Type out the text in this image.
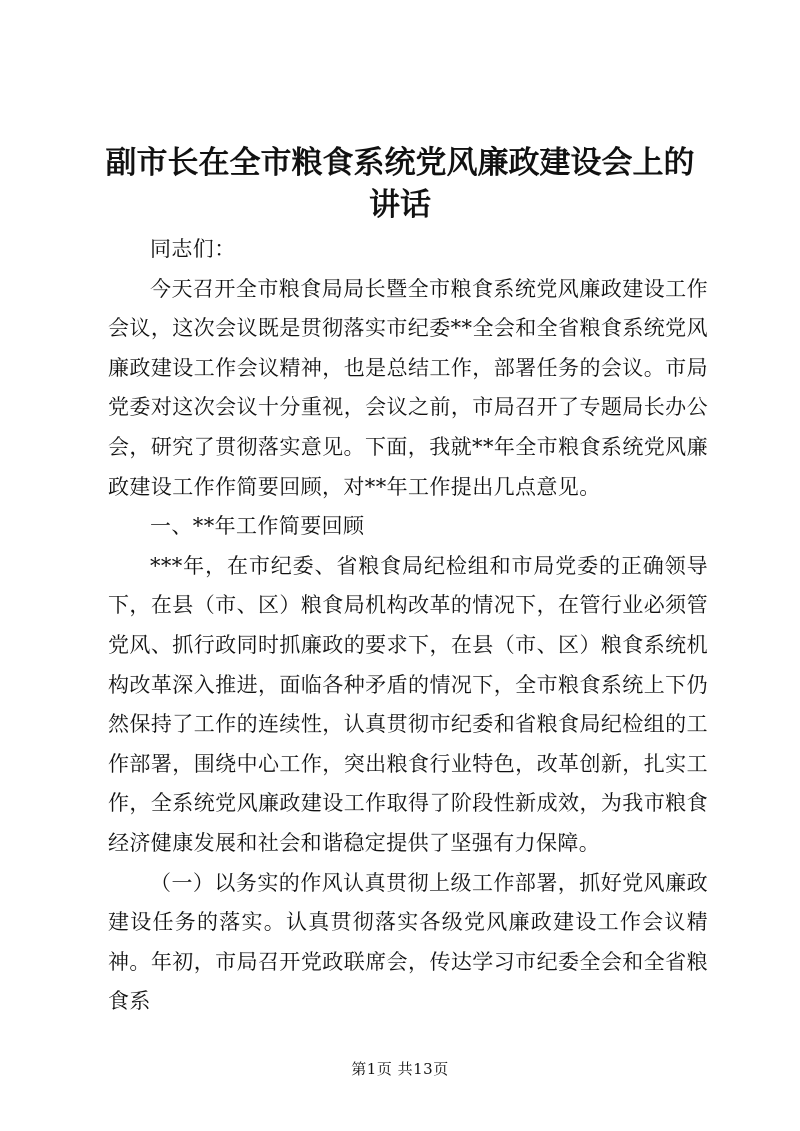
副市长在全市粮食系统党风廉政建设会上的讲话

同志们：

今天召开全市粮食局局长暨全市粮食系统党风廉政建设工作会议，这次会议既是贯彻落实市纪委**全会和全省粮食系统党风廉政建设工作会议精神，也是总结工作，部署任务的会议。市局党委对这次会议十分重视，会议之前，市局召开了专题局长办公会，研究了贯彻落实意见。下面，我就**年全市粮食系统党风廉政建设工作作简要回顾，对**年工作提出几点意见。

一、**年工作简要回顾

***年，在市纪委、省粮食局纪检组和市局党委的正确领导下，在县（市、区）粮食局机构改革的情况下，在管行业必须管党风、抓行政同时抓廉政的要求下，在县（市、区）粮食系统机构改革深入推进，面临各种矛盾的情况下，全市粮食系统上下仍然保持了工作的连续性，认真贯彻市纪委和省粮食局纪检组的工作部署，围绕中心工作，突出粮食行业特色，改革创新，扎实工作，全系统党风廉政建设工作取得了阶段性新成效，为我市粮食经济健康发展和社会和谐稳定提供了坚强有力保障。

（一）以务实的作风认真贯彻上级工作部署，抓好党风廉政建设任务的落实。认真贯彻落实各级党风廉政建设工作会议精神。年初，市局召开党政联席会，传达学习市纪委全会和全省粮食系

第1页 共13页
